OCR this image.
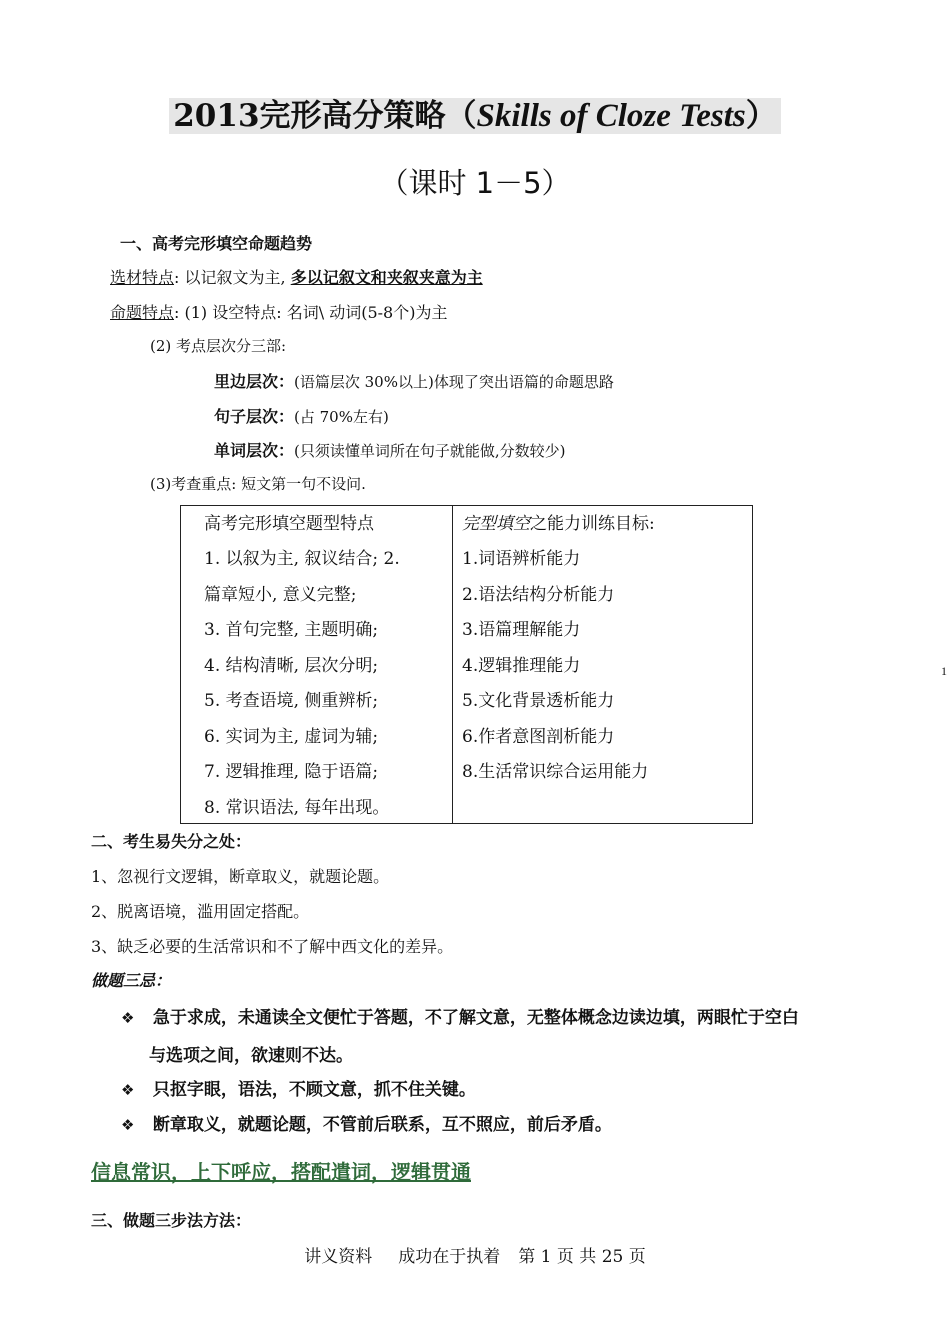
2013完形高分策略（Skills of Cloze Tests）
（课时 1－5）
一、高考完形填空命题趋势
选材特点: 以记叙文为主, 多以记叙文和夹叙夹意为主
命题特点: (1) 设空特点: 名词\ 动词(5-8个)为主
(2) 考点层次分三部:
里边层次：(语篇层次 30%以上)体现了突出语篇的命题思路
句子层次：(占 70%左右)
单词层次：(只须读懂单词所在句子就能做,分数较少)
(3)考查重点: 短文第一句不设问.
高考完形填空题型特点
1. 以叙为主, 叙议结合; 2.
篇章短小, 意义完整;
3. 首句完整, 主题明确;
4. 结构清晰, 层次分明;
5. 考查语境, 侧重辨析;
6. 实词为主, 虚词为辅;
7. 逻辑推理, 隐于语篇;
8. 常识语法, 每年出现。
完型填空之能力训练目标:
1.词语辨析能力
2.语法结构分析能力
3.语篇理解能力
4.逻辑推理能力
5.文化背景透析能力
6.作者意图剖析能力
8.生活常识综合运用能力
1
二、考生易失分之处：
1、忽视行文逻辑，断章取义，就题论题。
2、脱离语境，滥用固定搭配。
3、缺乏必要的生活常识和不了解中西文化的差异。
做题三忌：
❖ 急于求成，未通读全文便忙于答题，不了解文意，无整体概念边读边填，两眼忙于空白
与选项之间，欲速则不达。
❖ 只抠字眼，语法，不顾文意，抓不住关键。
❖ 断章取义，就题论题，不管前后联系，互不照应，前后矛盾。
信息常识，上下呼应，搭配遣词，逻辑贯通
三、做题三步法方法：
讲义资料 成功在于执着 第 1 页 共 25 页
